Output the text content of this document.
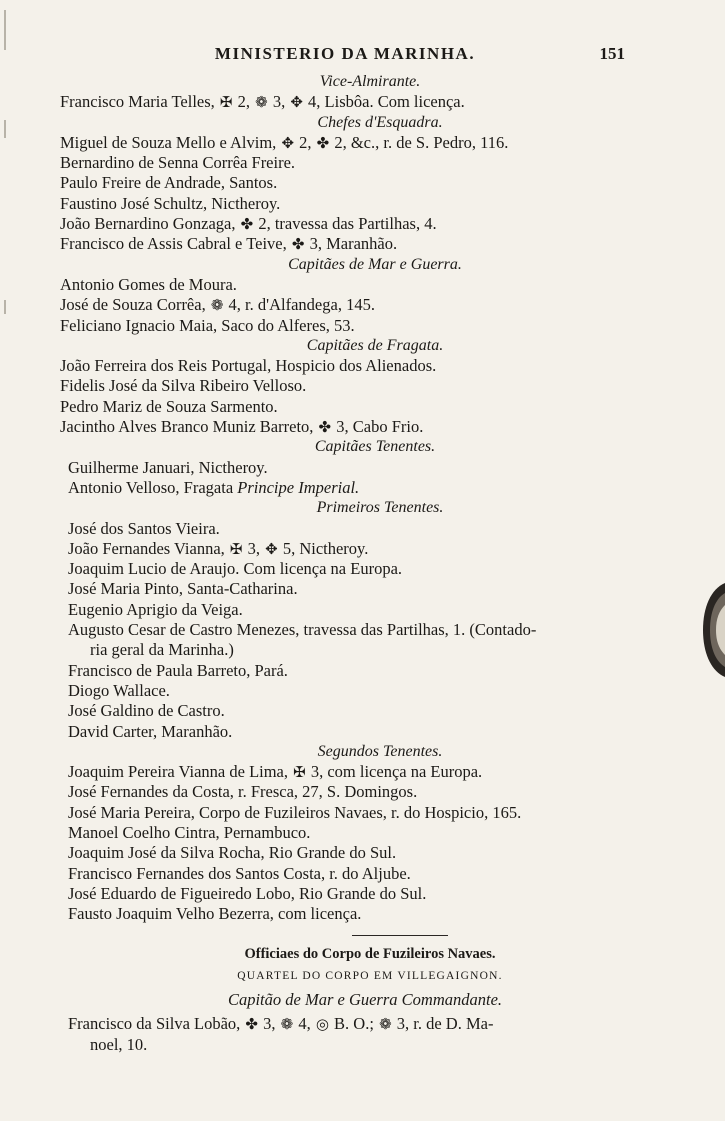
MINISTERIO DA MARINHA.	151
Vice-Almirante.
Francisco Maria Telles, ✠ 2, ❁ 3, ✥ 4, Lisbôa. Com licença.
Chefes d'Esquadra.
Miguel de Souza Mello e Alvim, ✥ 2, ✤ 2, &c., r. de S. Pedro, 116.
Bernardino de Senna Corrêa Freire.
Paulo Freire de Andrade, Santos.
Faustino José Schultz, Nictheroy.
João Bernardino Gonzaga, ✤ 2, travessa das Partilhas, 4.
Francisco de Assis Cabral e Teive, ✤ 3, Maranhão.
Capitães de Mar e Guerra.
Antonio Gomes de Moura.
José de Souza Corrêa, ❁ 4, r. d'Alfandega, 145.
Feliciano Ignacio Maia, Saco do Alferes, 53.
Capitães de Fragata.
João Ferreira dos Reis Portugal, Hospicio dos Alienados.
Fidelis José da Silva Ribeiro Velloso.
Pedro Mariz de Souza Sarmento.
Jacintho Alves Branco Muniz Barreto, ✤ 3, Cabo Frio.
Capitães Tenentes.
Guilherme Januari, Nictheroy.
Antonio Velloso, Fragata Principe Imperial.
Primeiros Tenentes.
José dos Santos Vieira.
João Fernandes Vianna, ✠ 3, ✥ 5, Nictheroy.
Joaquim Lucio de Araujo. Com licença na Europa.
José Maria Pinto, Santa-Catharina.
Eugenio Aprigio da Veiga.
Augusto Cesar de Castro Menezes, travessa das Partilhas, 1. (Contado-
ria geral da Marinha.)
Francisco de Paula Barreto, Pará.
Diogo Wallace.
José Galdino de Castro.
David Carter, Maranhão.
Segundos Tenentes.
Joaquim Pereira Vianna de Lima, ✠ 3, com licença na Europa.
José Fernandes da Costa, r. Fresca, 27, S. Domingos.
José Maria Pereira, Corpo de Fuzileiros Navaes, r. do Hospicio, 165.
Manoel Coelho Cintra, Pernambuco.
Joaquim José da Silva Rocha, Rio Grande do Sul.
Francisco Fernandes dos Santos Costa, r. do Aljube.
José Eduardo de Figueiredo Lobo, Rio Grande do Sul.
Fausto Joaquim Velho Bezerra, com licença.
Officiaes do Corpo de Fuzileiros Navaes.
QUARTEL DO CORPO EM VILLEGAIGNON.
Capitão de Mar e Guerra Commandante.
Francisco da Silva Lobão, ✤ 3, ❁ 4, ◎ B. O.; ❁ 3, r. de D. Ma-
noel, 10.
